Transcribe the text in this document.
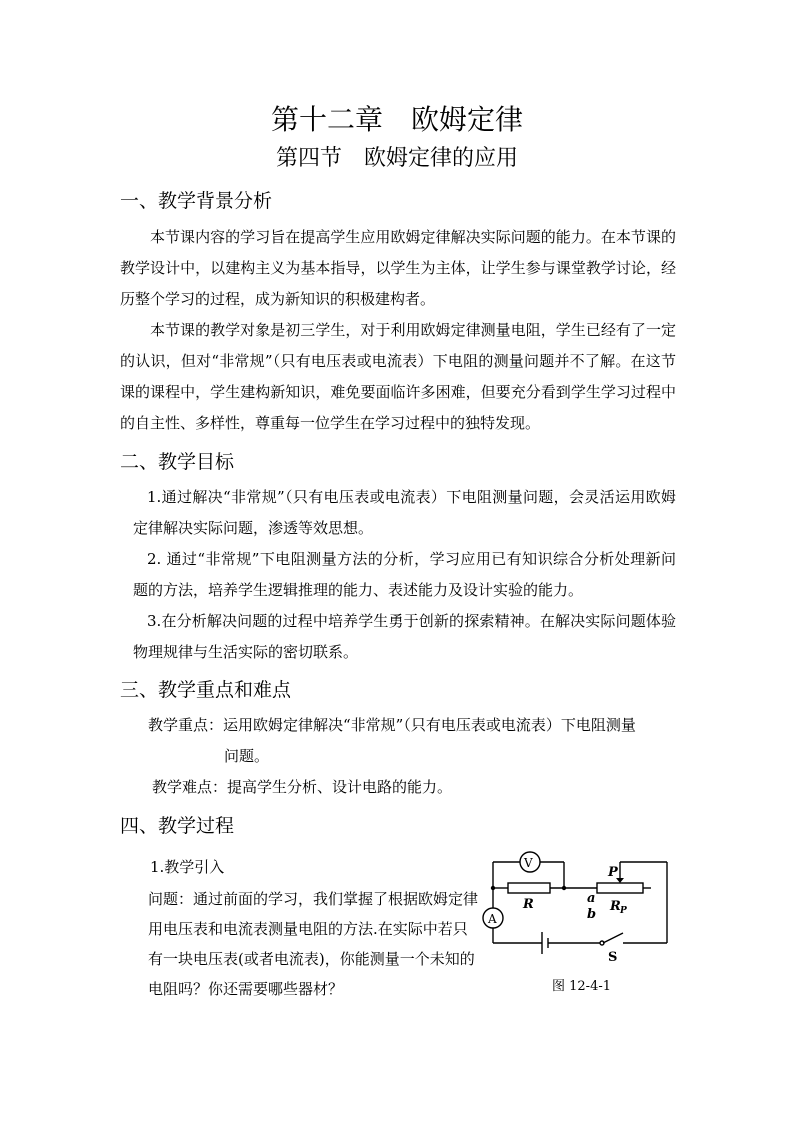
第十二章　欧姆定律
第四节　欧姆定律的应用
一、教学背景分析

本节课内容的学习旨在提高学生应用欧姆定律解决实际问题的能力。在本节课的教学设计中，以建构主义为基本指导，以学生为主体，让学生参与课堂教学讨论，经历整个学习的过程，成为新知识的积极建构者。

本节课的教学对象是初三学生，对于利用欧姆定律测量电阻，学生已经有了一定的认识，但对“非常规”（只有电压表或电流表）下电阻的测量问题并不了解。在这节课的课程中，学生建构新知识，难免要面临许多困难，但要充分看到学生学习过程中的自主性、多样性，尊重每一位学生在学习过程中的独特发现。

二、教学目标

1.通过解决“非常规”（只有电压表或电流表）下电阻测量问题，会灵活运用欧姆定律解决实际问题，渗透等效思想。

2. 通过“非常规”下电阻测量方法的分析，学习应用已有知识综合分析处理新问题的方法，培养学生逻辑推理的能力、表述能力及设计实验的能力。

3.在分析解决问题的过程中培养学生勇于创新的探索精神。在解决实际问题体验物理规律与生活实际的密切联系。

三、教学重点和难点
教学重点：运用欧姆定律解决“非常规”（只有电压表或电流表）下电阻测量
问题。
教学难点：提高学生分析、设计电路的能力。
四、教学过程
1.教学引入

问题：通过前面的学习，我们掌握了根据欧姆定律用电压表和电流表测量电阻的方法.在实际中若只有一块电压表(或者电流表)，你能测量一个未知的电阻吗？你还需要哪些器材？

V
A
R
P
R P
a
b
S
图 12-4-1
